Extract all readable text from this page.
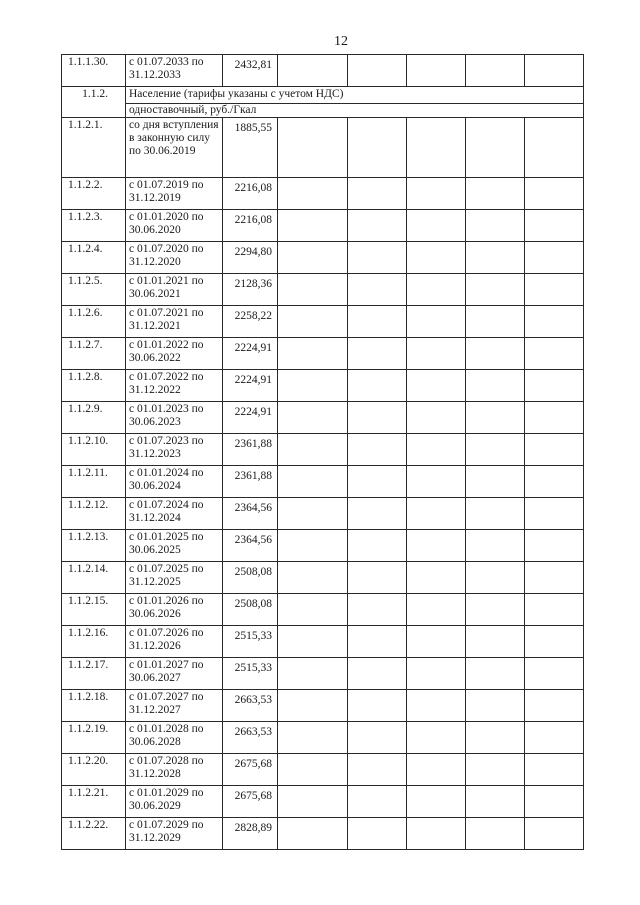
12
1.1.1.30.	с 01.07.2033 по 31.12.2033	2432,81					
1.1.2.	Население (тарифы указаны с учетом НДС)						
	одноставочный, руб./Гкал						
1.1.2.1.	со дня вступления в законную силу по 30.06.2019	1885,55					
1.1.2.2.	с 01.07.2019 по 31.12.2019	2216,08					
1.1.2.3.	с 01.01.2020 по 30.06.2020	2216,08					
1.1.2.4.	с 01.07.2020 по 31.12.2020	2294,80					
1.1.2.5.	с 01.01.2021 по 30.06.2021	2128,36					
1.1.2.6.	с 01.07.2021 по 31.12.2021	2258,22					
1.1.2.7.	с 01.01.2022 по 30.06.2022	2224,91					
1.1.2.8.	с 01.07.2022 по 31.12.2022	2224,91					
1.1.2.9.	с 01.01.2023 по 30.06.2023	2224,91					
1.1.2.10.	с 01.07.2023 по 31.12.2023	2361,88					
1.1.2.11.	с 01.01.2024 по 30.06.2024	2361,88					
1.1.2.12.	с 01.07.2024 по 31.12.2024	2364,56					
1.1.2.13.	с 01.01.2025 по 30.06.2025	2364,56					
1.1.2.14.	с 01.07.2025 по 31.12.2025	2508,08					
1.1.2.15.	с 01.01.2026 по 30.06.2026	2508,08					
1.1.2.16.	с 01.07.2026 по 31.12.2026	2515,33					
1.1.2.17.	с 01.01.2027 по 30.06.2027	2515,33					
1.1.2.18.	с 01.07.2027 по 31.12.2027	2663,53					
1.1.2.19.	с 01.01.2028 по 30.06.2028	2663,53					
1.1.2.20.	с 01.07.2028 по 31.12.2028	2675,68					
1.1.2.21.	с 01.01.2029 по 30.06.2029	2675,68					
1.1.2.22.	с 01.07.2029 по 31.12.2029	2828,89					
